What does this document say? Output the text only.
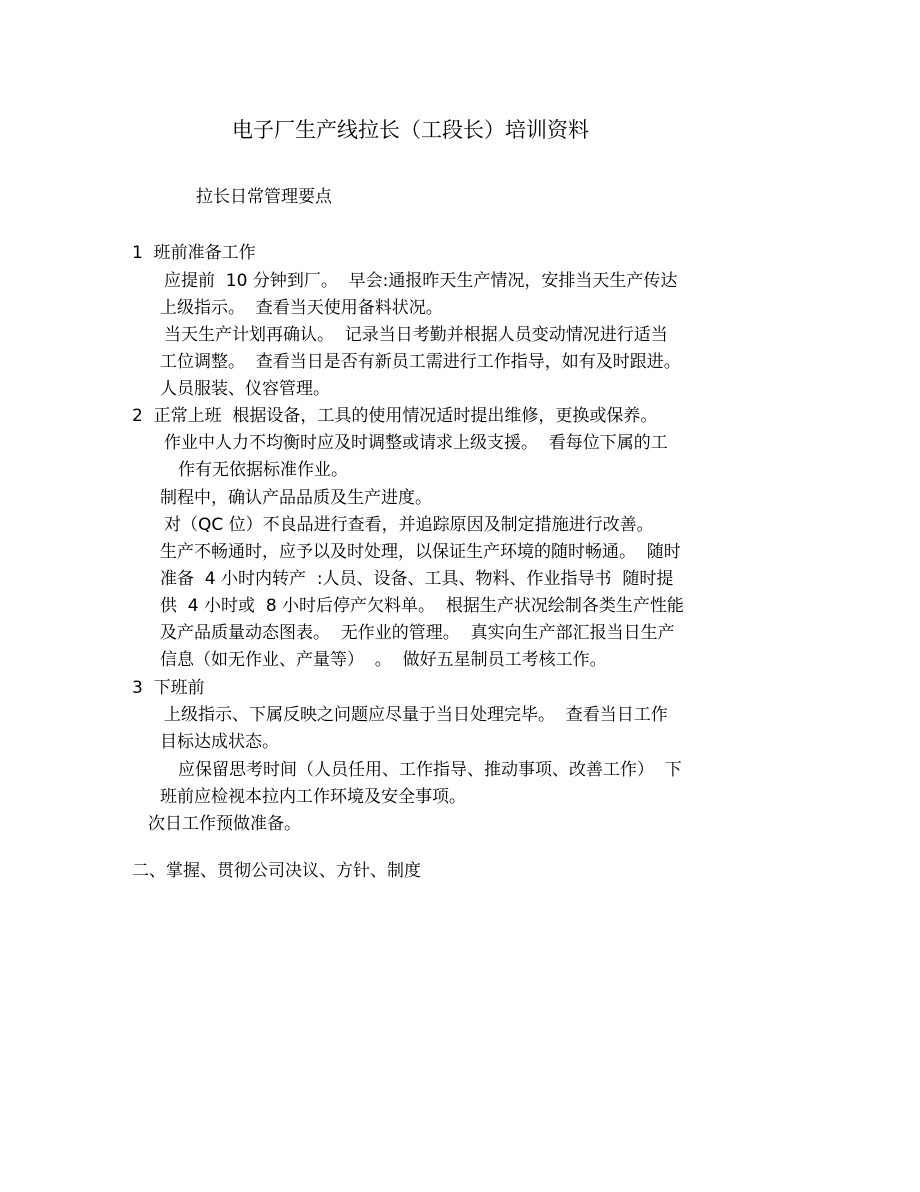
电子厂生产线拉长（工段长）培训资料
拉长日常管理要点
1  班前准备工作
应提前  10 分钟到厂。  早会:通报昨天生产情况，安排当天生产传达
上级指示。  查看当天使用备料状况。
当天生产计划再确认。  记录当日考勤并根据人员变动情况进行适当
工位调整。  查看当日是否有新员工需进行工作指导，如有及时跟进。
人员服装、仪容管理。
2  正常上班  根据设备，工具的使用情况适时提出维修，更换或保养。
作业中人力不均衡时应及时调整或请求上级支援。  看每位下属的工
作有无依据标准作业。
制程中，确认产品品质及生产进度。
对（QC 位）不良品进行查看，并追踪原因及制定措施进行改善。
生产不畅通时，应予以及时处理，以保证生产环境的随时畅通。  随时
准备  4 小时内转产  :人员、设备、工具、物料、作业指导书  随时提
供  4 小时或  8 小时后停产欠料单。  根据生产状况绘制各类生产性能
及产品质量动态图表。  无作业的管理。  真实向生产部汇报当日生产
信息（如无作业、产量等）  。  做好五星制员工考核工作。
3  下班前
上级指示、下属反映之问题应尽量于当日处理完毕。  查看当日工作
目标达成状态。
应保留思考时间（人员任用、工作指导、推动事项、改善工作）  下
班前应检视本拉内工作环境及安全事项。
次日工作预做准备。
二、掌握、贯彻公司决议、方针、制度
